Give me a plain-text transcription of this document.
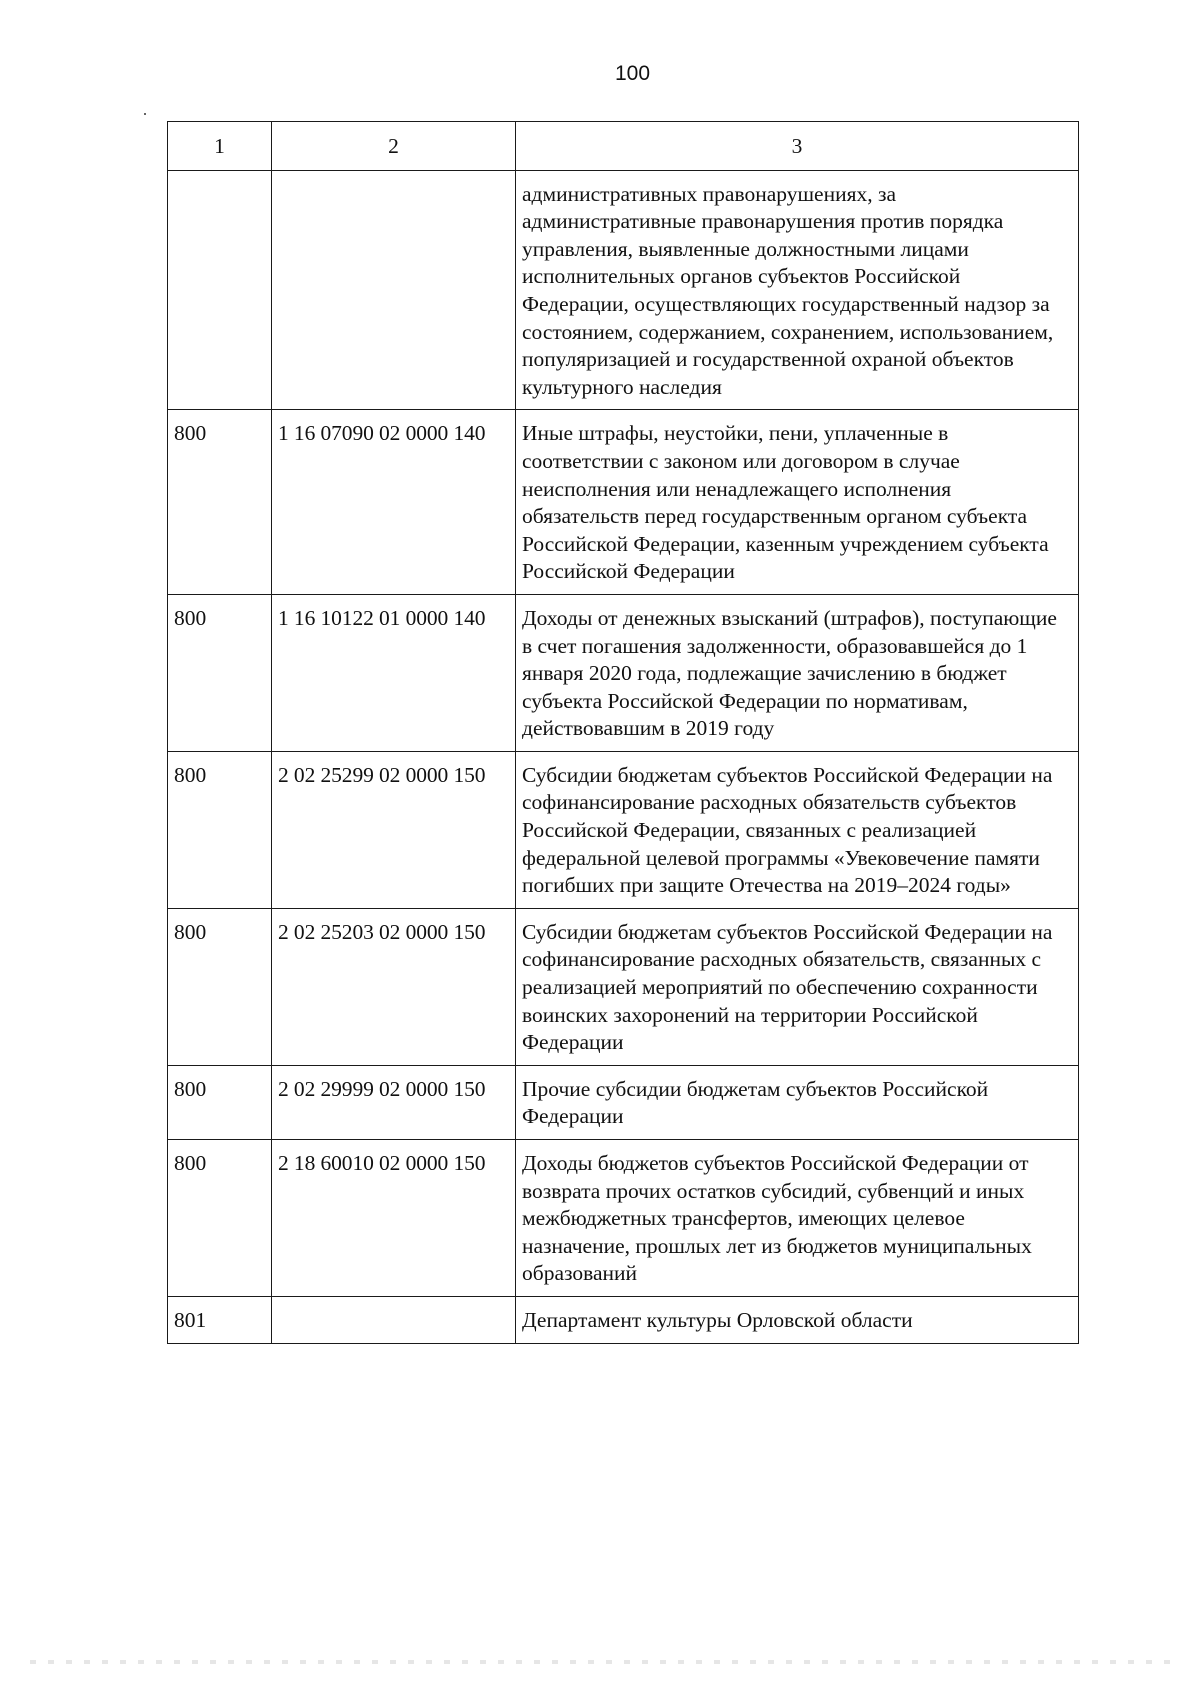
100
1	2	3
		административных правонарушениях, за административные правонарушения против порядка управления, выявленные должностными лицами исполнительных органов субъектов Российской Федерации, осуществляющих государственный надзор за состоянием, содержанием, сохранением, использованием, популяризацией и государственной охраной объектов культурного наследия
800	1 16 07090 02 0000 140	Иные штрафы, неустойки, пени, уплаченные в соответствии с законом или договором в случае неисполнения или ненадлежащего исполнения обязательств перед государственным органом субъекта Российской Федерации, казенным учреждением субъекта Российской Федерации
800	1 16 10122 01 0000 140	Доходы от денежных взысканий (штрафов), поступающие в счет погашения задолженности, образовавшейся до 1 января 2020 года, подлежащие зачислению в бюджет субъекта Российской Федерации по нормативам, действовавшим в 2019 году
800	2 02 25299 02 0000 150	Субсидии бюджетам субъектов Российской Федерации на софинансирование расходных обязательств субъектов Российской Федерации, связанных с реализацией федеральной целевой программы «Увековечение памяти погибших при защите Отечества на 2019–2024 годы»
800	2 02 25203 02 0000 150	Субсидии бюджетам субъектов Российской Федерации на софинансирование расходных обязательств, связанных с реализацией мероприятий по обеспечению сохранности воинских захоронений на территории Российской Федерации
800	2 02 29999 02 0000 150	Прочие субсидии бюджетам субъектов Российской Федерации
800	2 18 60010 02 0000 150	Доходы бюджетов субъектов Российской Федерации от возврата прочих остатков субсидий, субвенций и иных межбюджетных трансфертов, имеющих целевое назначение, прошлых лет из бюджетов муниципальных образований
801		Департамент культуры Орловской области
